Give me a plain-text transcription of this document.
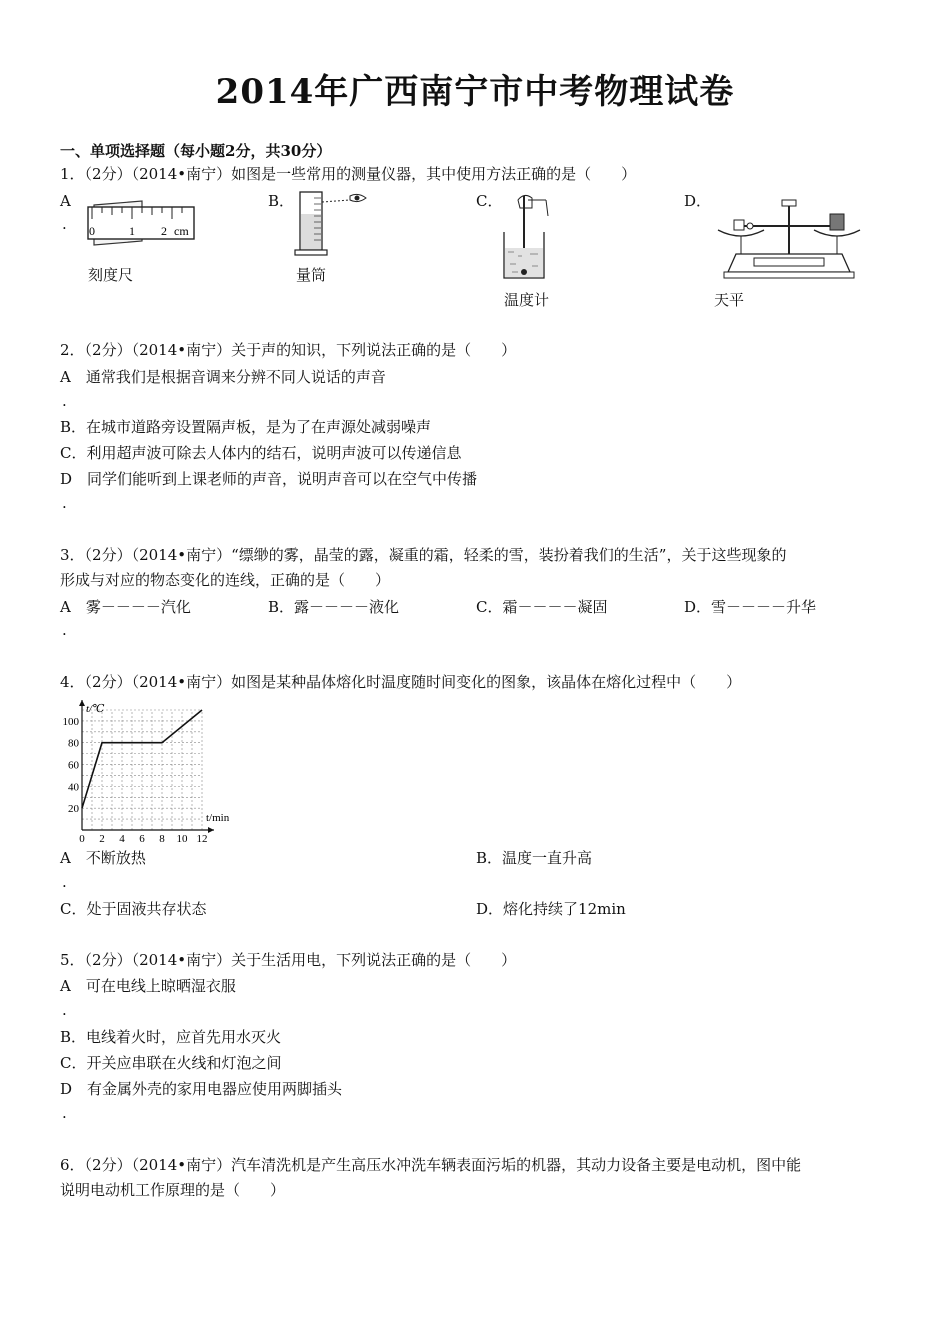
2014年广西南宁市中考物理试卷
一、单项选择题（每小题2分，共30分）
1．（2分）（2014•南宁）如图是一些常用的测量仪器，其中使用方法正确的是（　　）
A
.
B．	C．	D．
0	1 2 cm
刻度尺	量筒
温度计	天平
2．（2分）（2014•南宁）关于声的知识，下列说法正确的是（　　）
A　通常我们是根据音调来分辨不同人说话的声音
.
B．在城市道路旁设置隔声板，是为了在声源处减弱噪声
C．利用超声波可除去人体内的结石，说明声波可以传递信息
D　同学们能听到上课老师的声音，说明声音可以在空气中传播
.
3．（2分）（2014•南宁）“缥缈的雾，晶莹的露，凝重的霜，轻柔的雪，装扮着我们的生活”，关于这些现象的
形成与对应的物态变化的连线，正确的是（　　）
A　雾－－－－汽化	B．露－－－－液化	C．霜－－－－凝固	D．雪－－－－升华
.
4．（2分）（2014•南宁）如图是某种晶体熔化时温度随时间变化的图象，该晶体在熔化过程中（　　）
0 2 4 6 8 10 12
20
40
60
80
100
t/℃
t/min
A　不断放热	B．温度一直升高
.
C．处于固液共存状态	D．熔化持续了12min
5．（2分）（2014•南宁）关于生活用电，下列说法正确的是（　　）
A　可在电线上晾晒湿衣服
.
B．电线着火时，应首先用水灭火
C．开关应串联在火线和灯泡之间
D　有金属外壳的家用电器应使用两脚插头
.
6．（2分）（2014•南宁）汽车清洗机是产生高压水冲洗车辆表面污垢的机器，其动力设备主要是电动机，图中能
说明电动机工作原理的是（　　）
